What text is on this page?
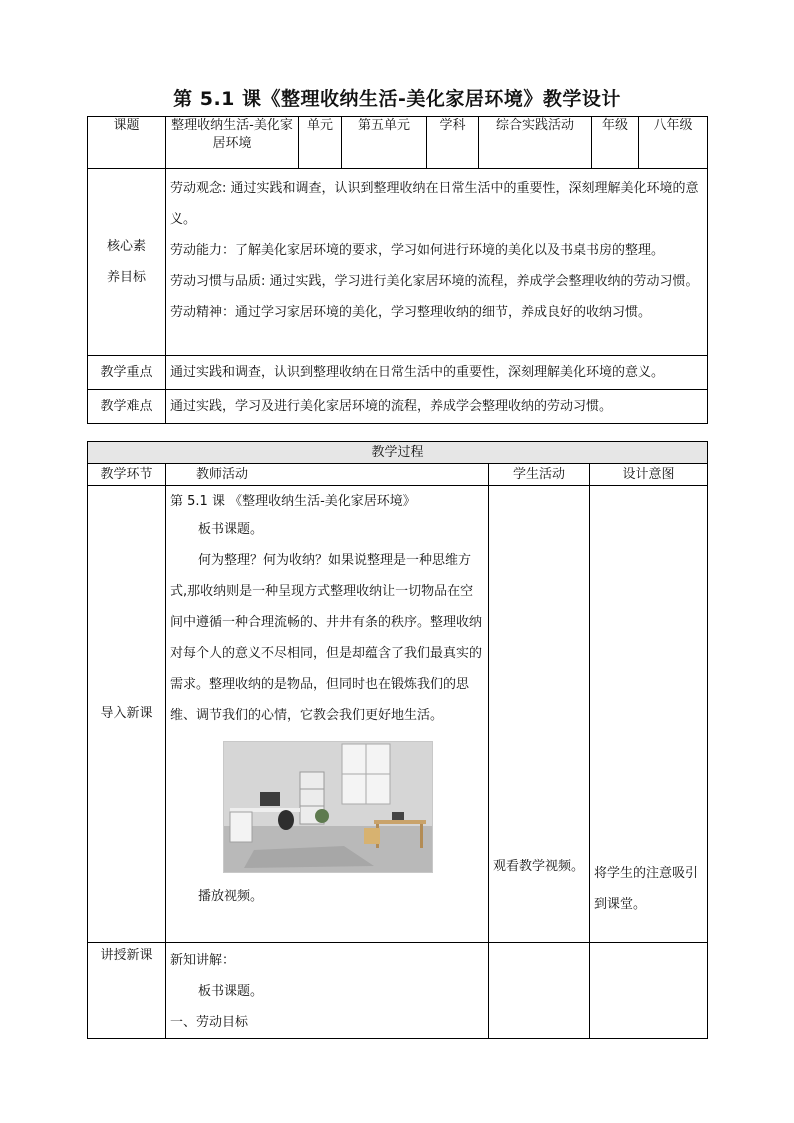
第 5.1 课《整理收纳生活-美化家居环境》教学设计
课题	整理收纳生活-美化家居环境	单元	第五单元	学科	综合实践活动	年级	八年级

核心素养目标	劳动观念: 通过实践和调查，认识到整理收纳在日常生活中的重要性，深刻理解美化环境的意义。

劳动能力：了解美化家居环境的要求，学习如何进行环境的美化以及书桌书房的整理。

劳动习惯与品质: 通过实践，学习进行美化家居环境的流程，养成学会整理收纳的劳动习惯。

劳动精神：通过学习家居环境的美化，学习整理收纳的细节，养成良好的收纳习惯。						

教学重点	通过实践和调查，认识到整理收纳在日常生活中的重要性，深刻理解美化环境的意义。						
教学难点	通过实践，学习及进行美化家居环境的流程，养成学会整理收纳的劳动习惯。						
教学过程			
教学环节	教师活动	学生活动	设计意图
导入新课	第 5.1 课 《整理收纳生活-美化家居环境》

板书课题。

何为整理？何为收纳？如果说整理是一种思维方式,那收纳则是一种呈现方式整理收纳让一切物品在空间中遵循一种合理流畅的、井井有条的秩序。整理收纳对每个人的意义不尽相同，但是却蕴含了我们最真实的需求。整理收纳的是物品，但同时也在锻炼我们的思维、调节我们的心情，它教会我们更好地生活。

播放视频。	观看教学视频。	将学生的注意吸引到课堂。
讲授新课	新知讲解：

板书课题。

一、劳动目标		
